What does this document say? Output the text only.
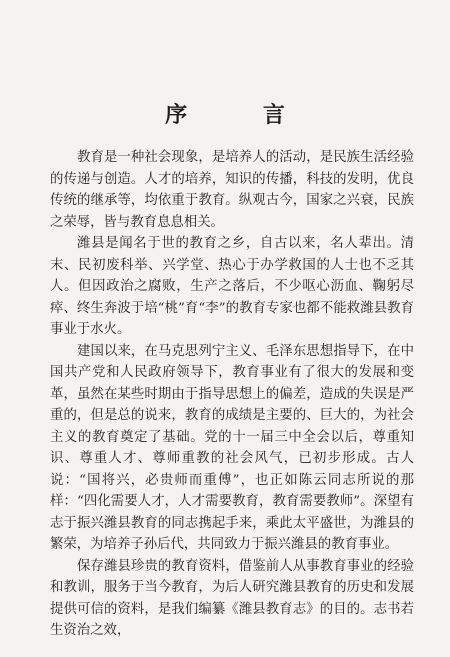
序 言

教育是一种社会现象，是培养人的活动，是民族生活经验的传递与创造。人才的培养，知识的传播，科技的发明，优良传统的继承等，均依重于教育。纵观古今，国家之兴衰，民族之荣辱，皆与教育息息相关。

潍县是闻名于世的教育之乡，自古以来，名人辈出。清末、民初废科举、兴学堂、热心于办学救国的人士也不乏其人。但因政治之腐败，生产之落后，不少呕心沥血、鞠躬尽瘁、终生奔波于培“桃”育“李”的教育专家也都不能救潍县教育事业于水火。

建国以来，在马克思列宁主义、毛泽东思想指导下，在中国共产党和人民政府领导下，教育事业有了很大的发展和变革，虽然在某些时期由于指导思想上的偏差，造成的失误是严重的，但是总的说来，教育的成绩是主要的、巨大的，为社会主义的教育奠定了基础。党的十一届三中全会以后，尊重知识、尊重人才、尊师重教的社会风气，已初步形成。古人说：“国将兴，必贵师而重傅”，也正如陈云同志所说的那样：“四化需要人才，人才需要教育，教育需要教师”。深望有志于振兴潍县教育的同志携起手来，乘此太平盛世，为潍县的繁荣，为培养子孙后代，共同致力于振兴潍县的教育事业。

保存潍县珍贵的教育资料，借鉴前人从事教育事业的经验和教训，服务于当今教育，为后人研究潍县教育的历史和发展提供可信的资料，是我们编纂《潍县教育志》的目的。志书若生资治之效，
